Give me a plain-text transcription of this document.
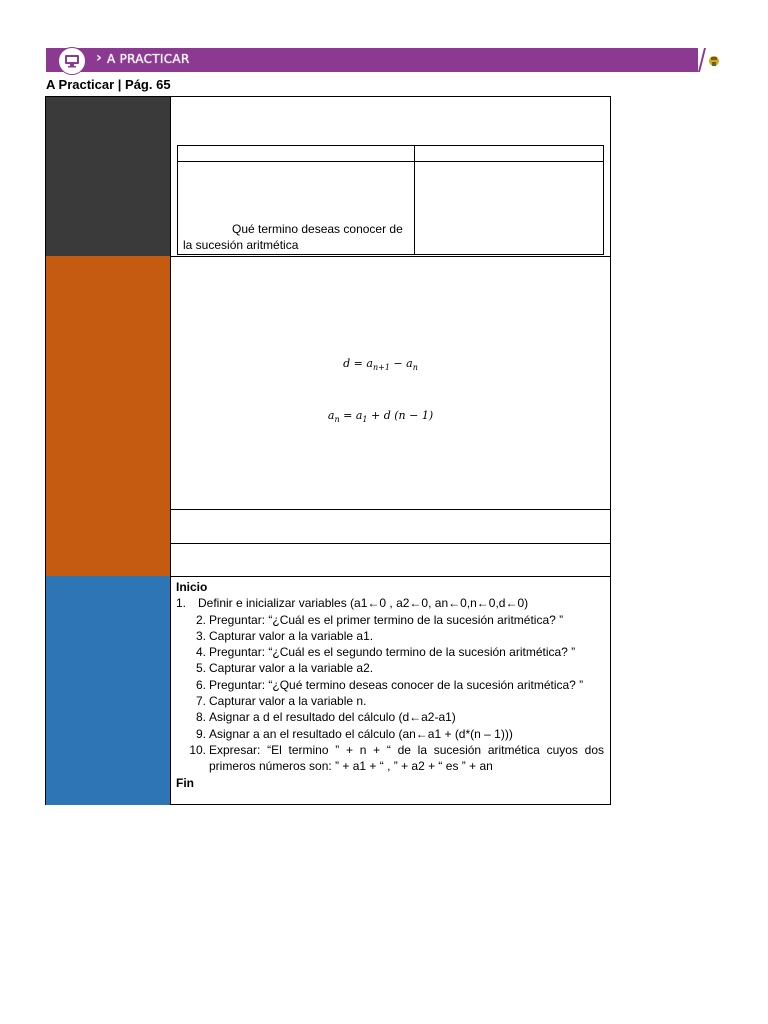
› A PRACTICAR
A Practicar | Pág. 65
Qué termino deseas conocer de la sucesión aritmética
$d = a_{n+1} - a_n$
$a_n = a_1 + d$ (n − 1)
Inicio
1. Definir e inicializar variables (a1←0 , a2←0, an←0,n←0,d←0)
2. Preguntar: “¿Cuál es el primer termino de la sucesión aritmética? ”
3. Capturar valor a la variable a1.
4. Preguntar: “¿Cuál es el segundo termino de la sucesión aritmética? ”
5. Capturar valor a la variable a2.
6. Preguntar: “¿Qué termino deseas conocer de la sucesión aritmética? ”
7. Capturar valor a la variable n.
8. Asignar a d el resultado del cálculo (d←a2-a1)
9. Asignar a an el resultado el cálculo (an←a1 + (d*(n – 1)))
10. Expresar: “El termino ” + n + “ de la sucesión aritmética cuyos dos primeros números son: ” + a1 + “ , ” + a2 + “ es ” + an
Fin
